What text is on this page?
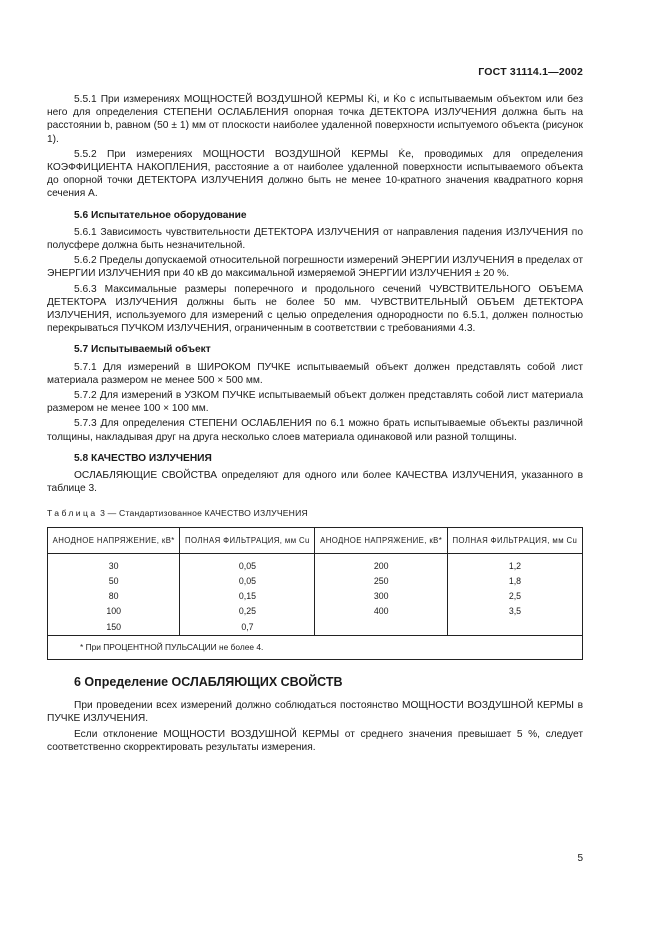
ГОСТ 31114.1—2002

5.5.1 При измерениях МОЩНОСТЕЙ ВОЗДУШНОЙ КЕРМЫ K̇i, и K̇o с испытываемым объектом или без него для определения СТЕПЕНИ ОСЛАБЛЕНИЯ опорная точка ДЕТЕКТОРА ИЗЛУЧЕНИЯ должна быть на расстоянии b, равном (50 ± 1) мм от плоскости наиболее удаленной поверхности испытуемого объекта (рисунок 1).

5.5.2 При измерениях МОЩНОСТИ ВОЗДУШНОЙ КЕРМЫ K̇e, проводимых для определения КОЭФФИЦИЕНТА НАКОПЛЕНИЯ, расстояние a от наиболее удаленной поверхности испытываемого объекта до опорной точки ДЕТЕКТОРА ИЗЛУЧЕНИЯ должно быть не менее 10-кратного значения квадратного корня сечения A.

5.6 Испытательное оборудование

5.6.1 Зависимость чувствительности ДЕТЕКТОРА ИЗЛУЧЕНИЯ от направления падения ИЗЛУЧЕНИЯ по полусфере должна быть незначительной.

5.6.2 Пределы допускаемой относительной погрешности измерений ЭНЕРГИИ ИЗЛУЧЕНИЯ в пределах от ЭНЕРГИИ ИЗЛУЧЕНИЯ при 40 кВ до максимальной измеряемой ЭНЕРГИИ ИЗЛУЧЕНИЯ ± 20 %.

5.6.3 Максимальные размеры поперечного и продольного сечений ЧУВСТВИТЕЛЬНОГО ОБЪЕМА ДЕТЕКТОРА ИЗЛУЧЕНИЯ должны быть не более 50 мм. ЧУВСТВИТЕЛЬНЫЙ ОБЪЕМ ДЕТЕКТОРА ИЗЛУЧЕНИЯ, используемого для измерений с целью определения однородности по 6.5.1, должен полностью перекрываться ПУЧКОМ ИЗЛУЧЕНИЯ, ограниченным в соответствии с требованиями 4.3.

5.7 Испытываемый объект

5.7.1 Для измерений в ШИРОКОМ ПУЧКЕ испытываемый объект должен представлять собой лист материала размером не менее 500 × 500 мм.

5.7.2 Для измерений в УЗКОМ ПУЧКЕ испытываемый объект должен представлять собой лист материала размером не менее 100 × 100 мм.

5.7.3 Для определения СТЕПЕНИ ОСЛАБЛЕНИЯ по 6.1 можно брать испытываемые объекты различной толщины, накладывая друг на друга несколько слоев материала одинаковой или разной толщины.

5.8 КАЧЕСТВО ИЗЛУЧЕНИЯ

ОСЛАБЛЯЮЩИЕ СВОЙСТВА определяют для одного или более КАЧЕСТВА ИЗЛУЧЕНИЯ, указанного в таблице 3.

Таблица 3 — Стандартизованное КАЧЕСТВО ИЗЛУЧЕНИЯ
АНОДНОЕ НАПРЯЖЕНИЕ, кВ*	ПОЛНАЯ ФИЛЬТРАЦИЯ, мм Cu	АНОДНОЕ НАПРЯЖЕНИЕ, кВ*	ПОЛНАЯ ФИЛЬТРАЦИЯ, мм Cu
30	0,05	200	1,2
50	0,05	250	1,8
80	0,15	300	2,5
100	0,25	400	3,5
150	0,7		
* При ПРОЦЕНТНОЙ ПУЛЬСАЦИИ не более 4.			
6 Определение ОСЛАБЛЯЮЩИХ СВОЙСТВ

При проведении всех измерений должно соблюдаться постоянство МОЩНОСТИ ВОЗДУШНОЙ КЕРМЫ в ПУЧКЕ ИЗЛУЧЕНИЯ.

Если отклонение МОЩНОСТИ ВОЗДУШНОЙ КЕРМЫ от среднего значения превышает 5 %, следует соответственно скорректировать результаты измерения.

5
